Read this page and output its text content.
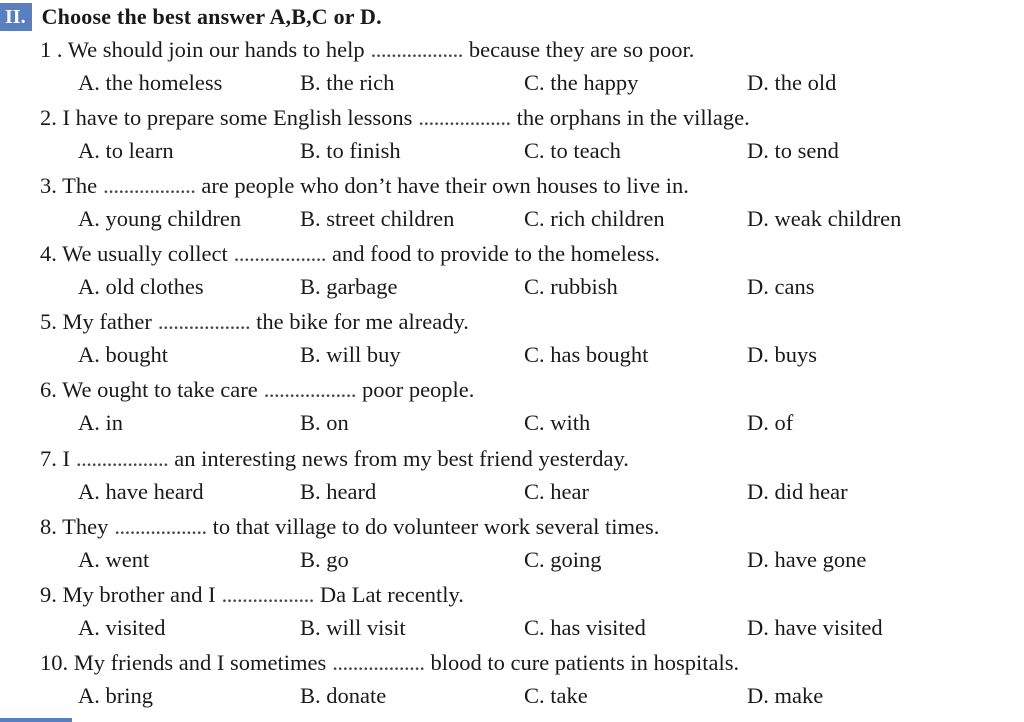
II. Choose the best answer A,B,C or D.
1 . We should join our hands to help .................. because they are so poor.
A. the homeless	B. the rich	C. the happy	D. the old
2. I have to prepare some English lessons .................. the orphans in the village.
A. to learn	B. to finish	C. to teach	D. to send
3. The .................. are people who don’t have their own houses to live in.
A. young children	B. street children	C. rich children	D. weak children
4. We usually collect .................. and food to provide to the homeless.
A. old clothes	B. garbage	C. rubbish	D. cans
5. My father .................. the bike for me already.
A. bought	B. will buy	C. has bought	D. buys
6. We ought to take care .................. poor people.
A. in	B. on	C. with	D. of
7. I .................. an interesting news from my best friend yesterday.
A. have heard	B. heard	C. hear	D. did hear
8. They .................. to that village to do volunteer work several times.
A. went	B. go	C. going	D. have gone
9. My brother and I .................. Da Lat recently.
A. visited	B. will visit	C. has visited	D. have visited
10. My friends and I sometimes .................. blood to cure patients in hospitals.
A. bring	B. donate	C. take	D. make
